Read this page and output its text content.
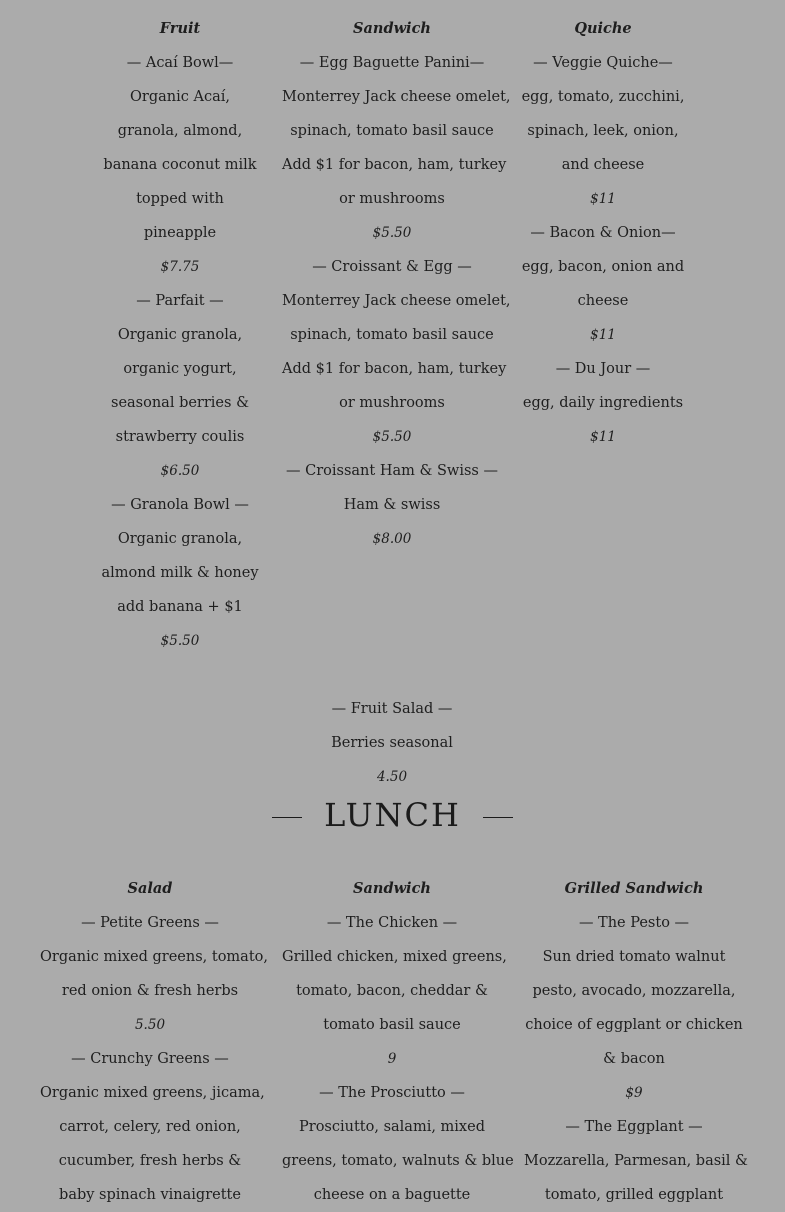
Fruit
— Acaí Bowl—
Organic Acaí,
granola, almond,
banana coconut milk
topped with
pineapple
$7.75
— Parfait —
Organic granola,
organic yogurt,
seasonal berries &
strawberry coulis
$6.50
— Granola Bowl —
Organic granola,
almond milk & honey
add banana + $1
$5.50
Sandwich
— Egg Baguette Panini—
Monterrey Jack cheese omelet,
spinach, tomato basil sauce
Add $1 for bacon, ham, turkey
or mushrooms
$5.50
— Croissant & Egg —
Monterrey Jack cheese omelet,
spinach, tomato basil sauce
Add $1 for bacon, ham, turkey
or mushrooms
$5.50
— Croissant Ham & Swiss —
Ham & swiss
$8.00
Quiche
— Veggie Quiche—
egg, tomato, zucchini,
spinach, leek, onion,
and cheese
$11
— Bacon & Onion—
egg, bacon, onion and
cheese
$11
— Du Jour —
egg, daily ingredients
$11
— Fruit Salad —
Berries seasonal
4.50
LUNCH
Salad
— Petite Greens —
Organic mixed greens, tomato,
red onion & fresh herbs
5.50
— Crunchy Greens —
Organic mixed greens, jicama,
carrot, celery, red onion,
cucumber, fresh herbs &
baby spinach vinaigrette
Sandwich
— The Chicken —
Grilled chicken, mixed greens,
tomato, bacon, cheddar &
tomato basil sauce
9
— The Prosciutto —
Prosciutto, salami, mixed
greens, tomato, walnuts & blue
cheese on a baguette
Grilled Sandwich
— The Pesto —
Sun dried tomato walnut
pesto, avocado, mozzarella,
choice of eggplant or chicken
& bacon
$9
— The Eggplant —
Mozzarella, Parmesan, basil &
tomato, grilled eggplant
